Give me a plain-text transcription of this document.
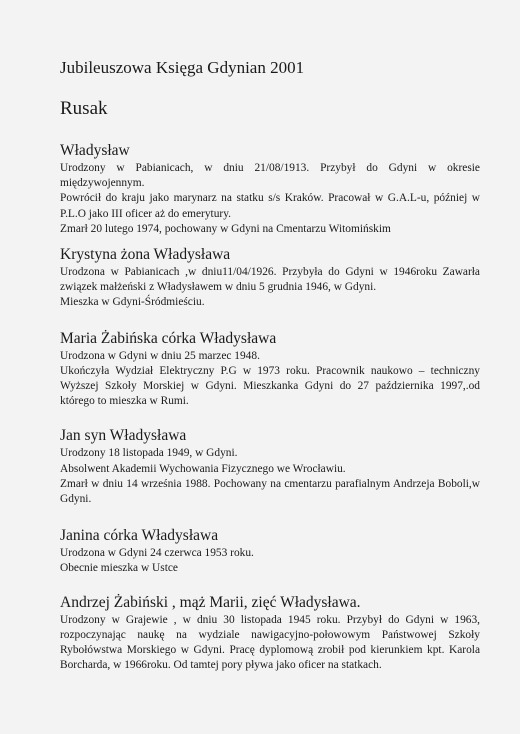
Jubileuszowa Księga Gdynian 2001
Rusak
Władysław

Urodzony w Pabianicach, w dniu 21/08/1913. Przybył do Gdyni w okresie międzywojennym.

Powrócił do kraju jako marynarz na statku s/s Kraków. Pracował w G.A.L-u, później w P.L.O jako III oficer aż do emerytury.

Zmarł 20 lutego 1974, pochowany w Gdyni na Cmentarzu Witomińskim

Krystyna żona Władysława

Urodzona w Pabianicach ,w dniu11/04/1926. Przybyła do Gdyni w 1946roku Zawarła związek małżeński z Władysławem w dniu 5 grudnia 1946, w Gdyni.

Mieszka w Gdyni-Śródmieściu.

Maria Żabińska córka Władysława

Urodzona w Gdyni w dniu 25 marzec 1948.

Ukończyła Wydział Elektryczny P.G w 1973 roku. Pracownik naukowo – techniczny Wyższej Szkoły Morskiej w Gdyni. Mieszkanka Gdyni do 27 października 1997,.od którego to mieszka w Rumi.

Jan syn Władysława

Urodzony 18 listopada 1949, w Gdyni.

Absolwent Akademii Wychowania Fizycznego we Wrocławiu.

Zmarł w dniu 14 września 1988. Pochowany na cmentarzu parafialnym Andrzeja Boboli,w Gdyni.

Janina córka Władysława

Urodzona w Gdyni 24 czerwca 1953 roku.

Obecnie mieszka w Ustce

Andrzej Żabiński , mąż Marii, zięć Władysława.

Urodzony w Grajewie , w dniu 30 listopada 1945 roku. Przybył do Gdyni w 1963, rozpoczynając naukę na wydziale nawigacyjno-połowowym Państwowej Szkoły Rybołówstwa Morskiego w Gdyni. Pracę dyplomową zrobił pod kierunkiem kpt. Karola Borcharda, w 1966roku. Od tamtej pory pływa jako oficer na statkach.
